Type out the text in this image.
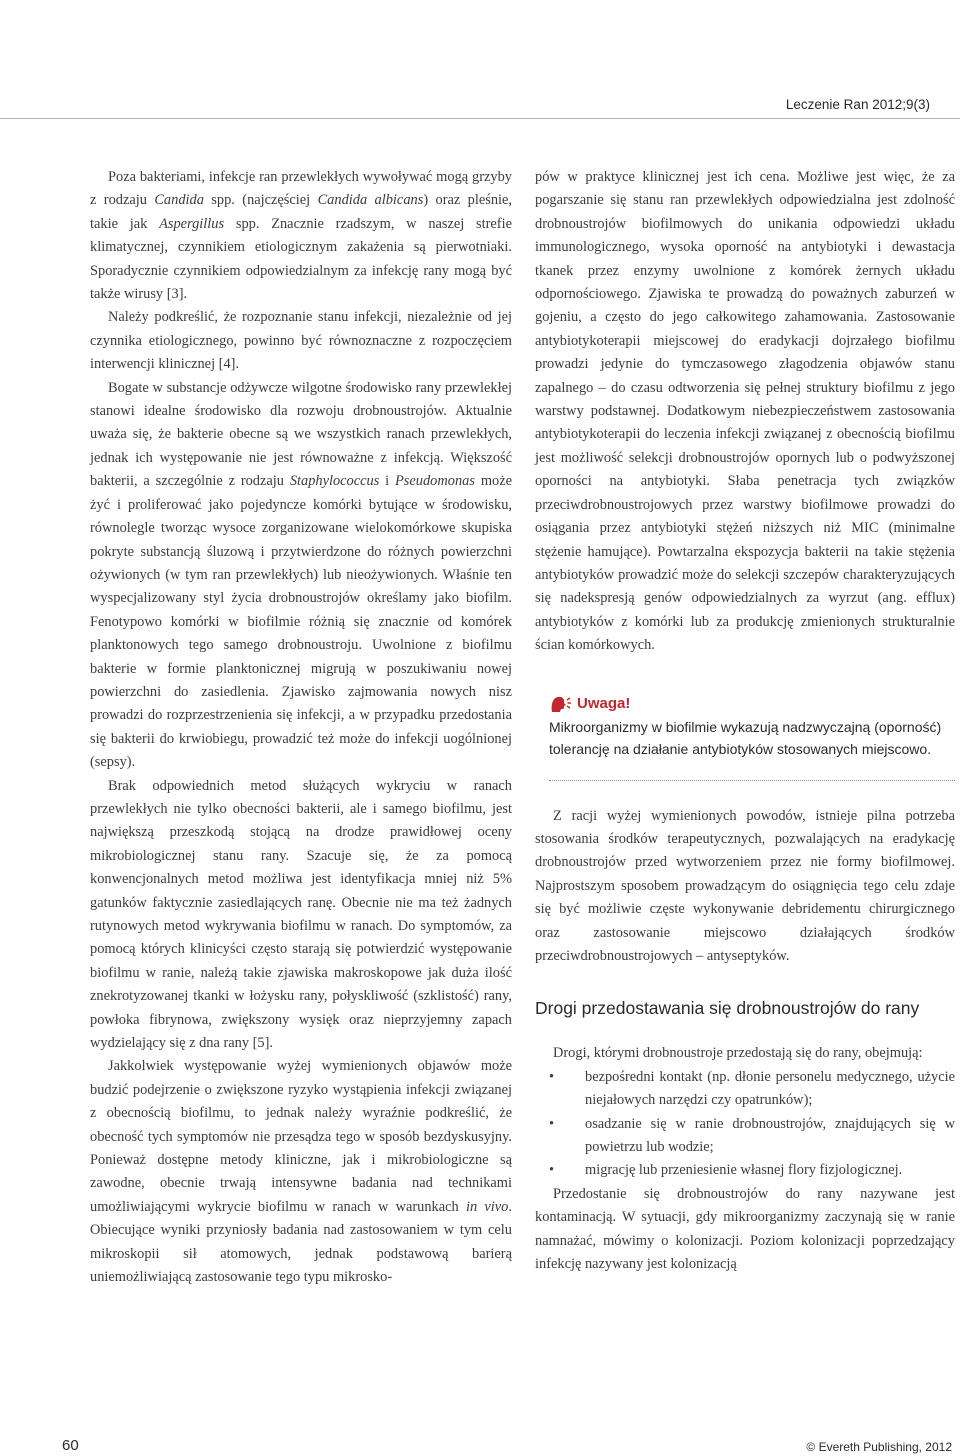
Leczenie Ran 2012;9(3)

Poza bakteriami, infekcje ran przewlekłych wywoływać mogą grzyby z rodzaju Candida spp. (najczęściej Candida albicans) oraz pleśnie, takie jak Aspergillus spp. Znacznie rzadszym, w naszej strefie klimatycznej, czynnikiem etiologicznym zakażenia są pierwotniaki. Sporadycznie czynnikiem odpowiedzialnym za infekcję rany mogą być także wirusy [3].

Należy podkreślić, że rozpoznanie stanu infekcji, niezależnie od jej czynnika etiologicznego, powinno być równoznaczne z rozpoczęciem interwencji klinicznej [4].

Bogate w substancje odżywcze wilgotne środowisko rany przewlekłej stanowi idealne środowisko dla rozwoju drobnoustrojów. Aktualnie uważa się, że bakterie obecne są we wszystkich ranach przewlekłych, jednak ich występowanie nie jest równoważne z infekcją. Większość bakterii, a szczególnie z rodzaju Staphylococcus i Pseudomonas może żyć i proliferować jako pojedyncze komórki bytujące w środowisku, równolegle tworząc wysoce zorganizowane wielokomórkowe skupiska pokryte substancją śluzową i przytwierdzone do różnych powierzchni ożywionych (w tym ran przewlekłych) lub nieożywionych. Właśnie ten wyspecjalizowany styl życia drobnoustrojów określamy jako biofilm. Fenotypowo komórki w biofilmie różnią się znacznie od komórek planktonowych tego samego drobnoustroju. Uwolnione z biofilmu bakterie w formie planktonicznej migrują w poszukiwaniu nowej powierzchni do zasiedlenia. Zjawisko zajmowania nowych nisz prowadzi do rozprzestrzenienia się infekcji, a w przypadku przedostania się bakterii do krwiobiegu, prowadzić też może do infekcji uogólnionej (sepsy).

Brak odpowiednich metod służących wykryciu w ranach przewlekłych nie tylko obecności bakterii, ale i samego biofilmu, jest największą przeszkodą stojącą na drodze prawidłowej oceny mikrobiologicznej stanu rany. Szacuje się, że za pomocą konwencjonalnych metod możliwa jest identyfikacja mniej niż 5% gatunków faktycznie zasiedlających ranę. Obecnie nie ma też żadnych rutynowych metod wykrywania biofilmu w ranach. Do symptomów, za pomocą których klinicyści często starają się potwierdzić występowanie biofilmu w ranie, należą takie zjawiska makroskopowe jak duża ilość znekrotyzowanej tkanki w łożysku rany, połyskliwość (szklistość) rany, powłoka fibrynowa, zwiększony wysięk oraz nieprzyjemny zapach wydzielający się z dna rany [5].

Jakkolwiek występowanie wyżej wymienionych objawów może budzić podejrzenie o zwiększone ryzyko wystąpienia infekcji związanej z obecnością biofilmu, to jednak należy wyraźnie podkreślić, że obecność tych symptomów nie przesądza tego w sposób bezdyskusyjny. Ponieważ dostępne metody kliniczne, jak i mikrobiologiczne są zawodne, obecnie trwają intensywne badania nad technikami umożliwiającymi wykrycie biofilmu w ranach w warunkach in vivo. Obiecujące wyniki przyniosły badania nad zastosowaniem w tym celu mikroskopii sił atomowych, jednak podstawową barierą uniemożliwiającą zastosowanie tego typu mikrosko-

pów w praktyce klinicznej jest ich cena. Możliwe jest więc, że za pogarszanie się stanu ran przewlekłych odpowiedzialna jest zdolność drobnoustrojów biofilmowych do unikania odpowiedzi układu immunologicznego, wysoka oporność na antybiotyki i dewastacja tkanek przez enzymy uwolnione z komórek żernych układu odpornościowego. Zjawiska te prowadzą do poważnych zaburzeń w gojeniu, a często do jego całkowitego zahamowania. Zastosowanie antybiotykoterapii miejscowej do eradykacji dojrzałego biofilmu prowadzi jedynie do tymczasowego złagodzenia objawów stanu zapalnego – do czasu odtworzenia się pełnej struktury biofilmu z jego warstwy podstawnej. Dodatkowym niebezpieczeństwem zastosowania antybiotykoterapii do leczenia infekcji związanej z obecnością biofilmu jest możliwość selekcji drobnoustrojów opornych lub o podwyższonej oporności na antybiotyki. Słaba penetracja tych związków przeciwdrobnoustrojowych przez warstwy biofilmowe prowadzi do osiągania przez antybiotyki stężeń niższych niż MIC (minimalne stężenie hamujące). Powtarzalna ekspozycja bakterii na takie stężenia antybiotyków prowadzić może do selekcji szczepów charakteryzujących się nadekspresją genów odpowiedzialnych za wyrzut (ang. efflux) antybiotyków z komórki lub za produkcję zmienionych strukturalnie ścian komórkowych.

Uwaga!
Mikroorganizmy w biofilmie wykazują nadzwyczajną (oporność) tolerancję na działanie antybiotyków stosowanych miejscowo.

Z racji wyżej wymienionych powodów, istnieje pilna potrzeba stosowania środków terapeutycznych, pozwalających na eradykację drobnoustrojów przed wytworzeniem przez nie formy biofilmowej. Najprostszym sposobem prowadzącym do osiągnięcia tego celu zdaje się być możliwie częste wykonywanie debridementu chirurgicznego oraz zastosowanie miejscowo działających środków przeciwdrobnoustrojowych – antyseptyków.

Drogi przedostawania się drobnoustrojów do rany

Drogi, którymi drobnoustroje przedostają się do rany, obejmują:

• bezpośredni kontakt (np. dłonie personelu medycznego, użycie niejałowych narzędzi czy opatrunków);
• osadzanie się w ranie drobnoustrojów, znajdujących się w powietrzu lub wodzie;
• migrację lub przeniesienie własnej flory fizjologicznej.

Przedostanie się drobnoustrojów do rany nazywane jest kontaminacją. W sytuacji, gdy mikroorganizmy zaczynają się w ranie namnażać, mówimy o kolonizacji. Poziom kolonizacji poprzedzający infekcję nazywany jest kolonizacją

60	© Evereth Publishing, 2012
